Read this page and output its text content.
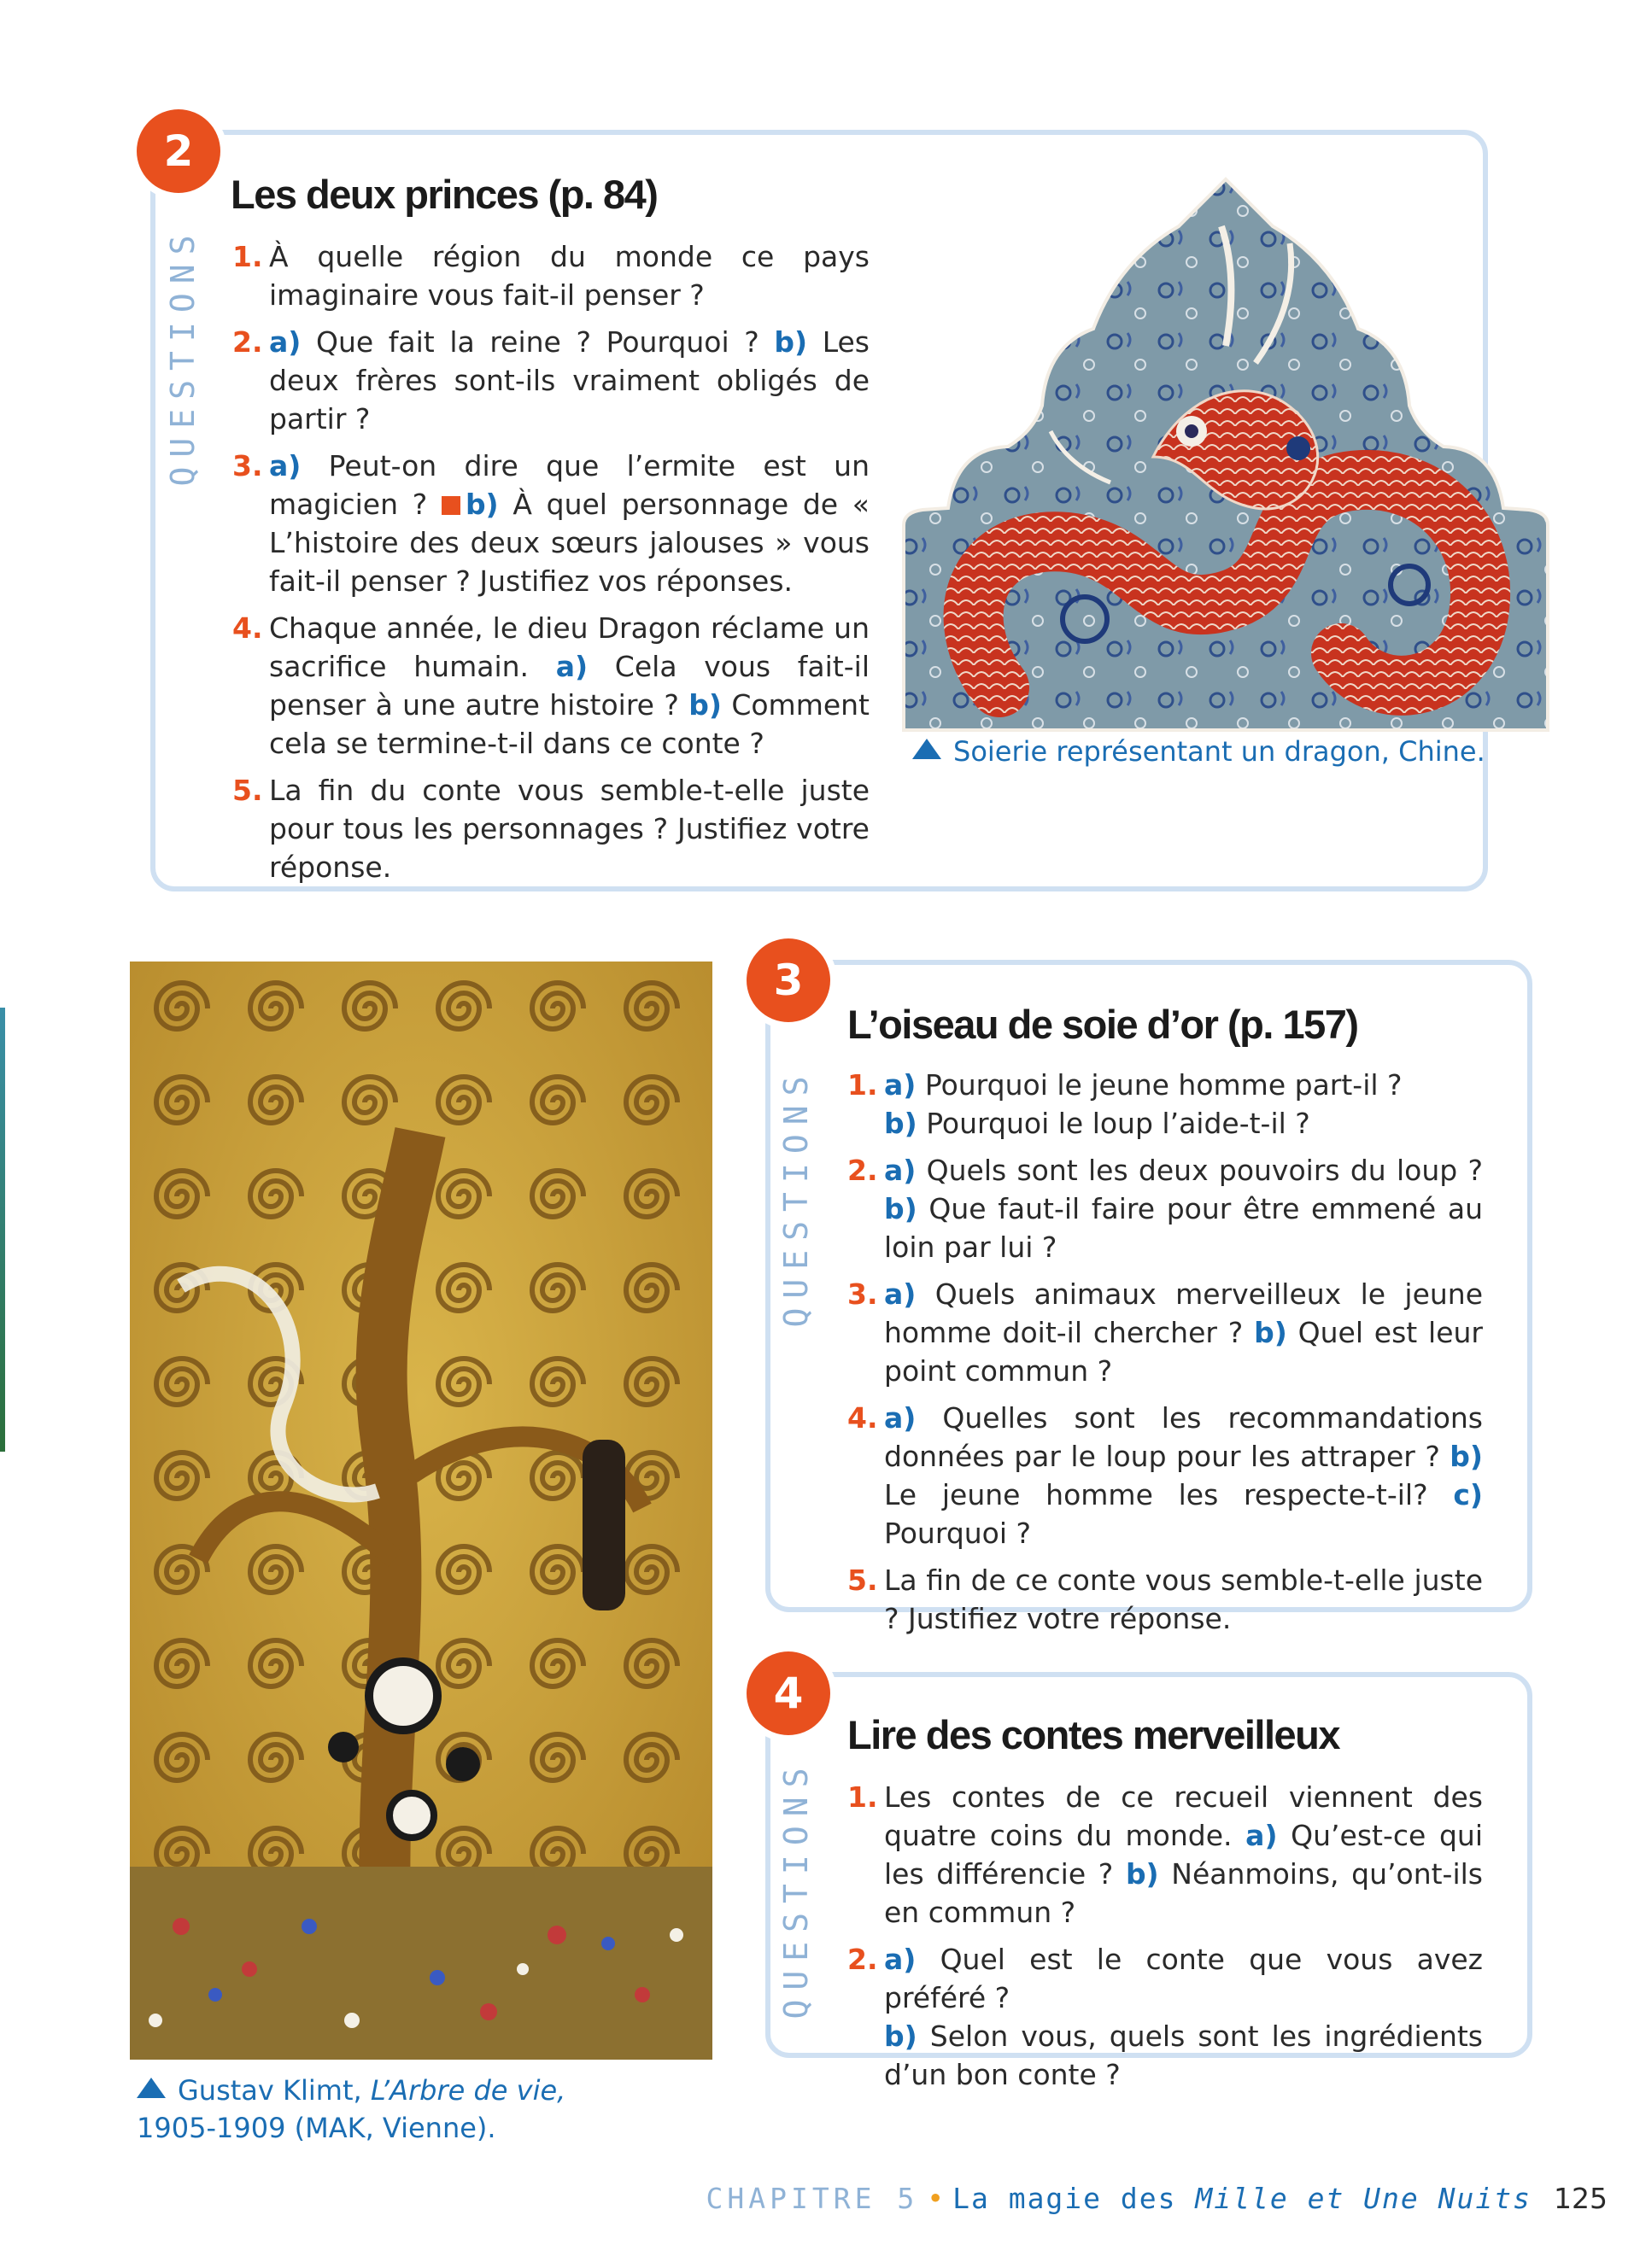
2
QUESTIONS
Les deux princes (p. 84)
1. À quelle région du monde ce pays imaginaire vous fait-il penser ?
2. a) Que fait la reine ? Pourquoi ? b) Les deux frères sont-ils vraiment obligés de partir ?
3. a) Peut-on dire que l’ermite est un magicien ? b) À quel personnage de « L’histoire des deux sœurs jalouses » vous fait-il penser ? Justifiez vos réponses.
4. Chaque année, le dieu Dragon réclame un sacrifice humain. a) Cela vous fait-il penser à une autre histoire ? b) Comment cela se termine-t-il dans ce conte ?
5. La fin du conte vous semble-t-elle juste pour tous les personnages ? Justifiez votre réponse.
Soierie représentant un dragon, Chine.
Gustav Klimt, L’Arbre de vie,
1905-1909 (MAK, Vienne).
3
QUESTIONS
L’oiseau de soie d’or (p. 157)
1. a) Pourquoi le jeune homme part-il ?
b) Pourquoi le loup l’aide-t-il ?
2. a) Quels sont les deux pouvoirs du loup ? b) Que faut-il faire pour être emmené au loin par lui ?
3. a) Quels animaux merveilleux le jeune homme doit-il chercher ? b) Quel est leur point commun ?
4. a) Quelles sont les recommandations données par le loup pour les attraper ? b) Le jeune homme les respecte-t-il? c) Pourquoi ?
5. La fin de ce conte vous semble-t-elle juste ? Justifiez votre réponse.
4
QUESTIONS
Lire des contes merveilleux
1. Les contes de ce recueil viennent des quatre coins du monde. a) Qu’est-ce qui les différencie ? b) Néanmoins, qu’ont-ils en commun ?
2. a) Quel est le conte que vous avez préféré ?
b) Selon vous, quels sont les ingrédients d’un bon conte ?
CHAPITRE 5 • La magie des Mille et Une Nuits 125
